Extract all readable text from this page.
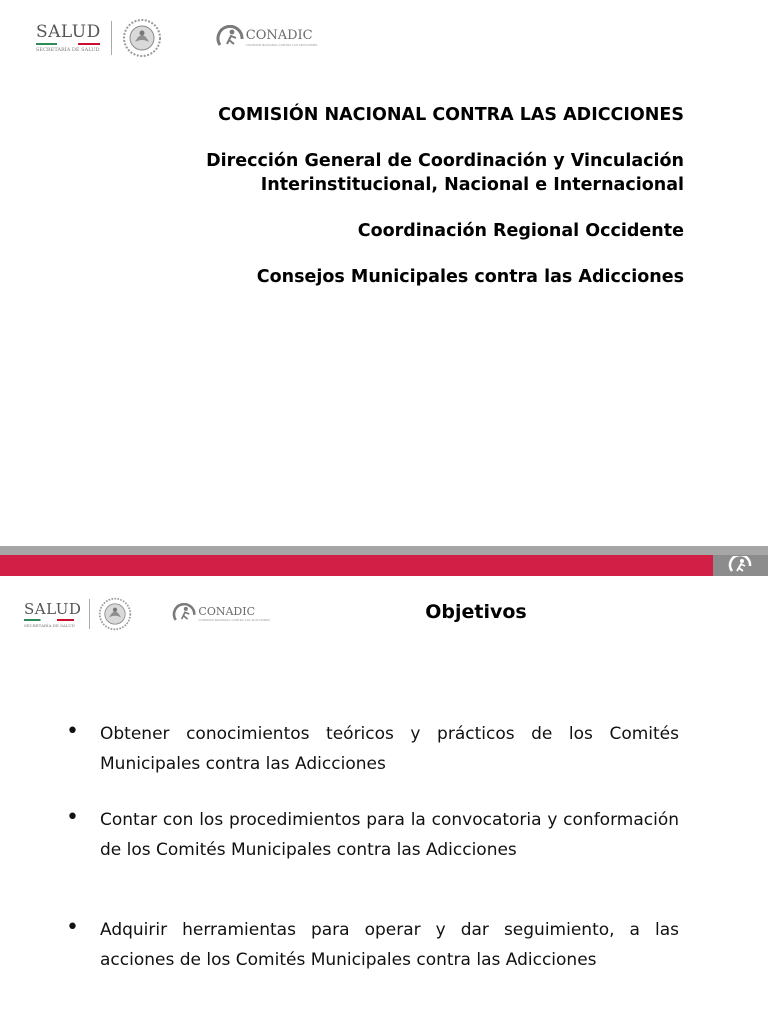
SALUD
SECRETARÍA DE SALUD
CONADIC
COMISIÓN NACIONAL CONTRA LAS ADICCIONES
COMISIÓN NACIONAL CONTRA LAS ADICCIONES
Dirección General de Coordinación y Vinculación
Interinstitucional, Nacional e Internacional
Coordinación Regional Occidente
Consejos Municipales contra las Adicciones
SALUD
SECRETARÍA DE SALUD
CONADIC
COMISIÓN NACIONAL CONTRA LAS ADICCIONES	Objetivos
• Obtener conocimientos teóricos y prácticos de los Comités Municipales contra las Adicciones
• Contar con los procedimientos para la convocatoria y conformación de los Comités Municipales contra las Adicciones
• Adquirir herramientas para operar y dar seguimiento, a las acciones de los Comités Municipales contra las Adicciones
